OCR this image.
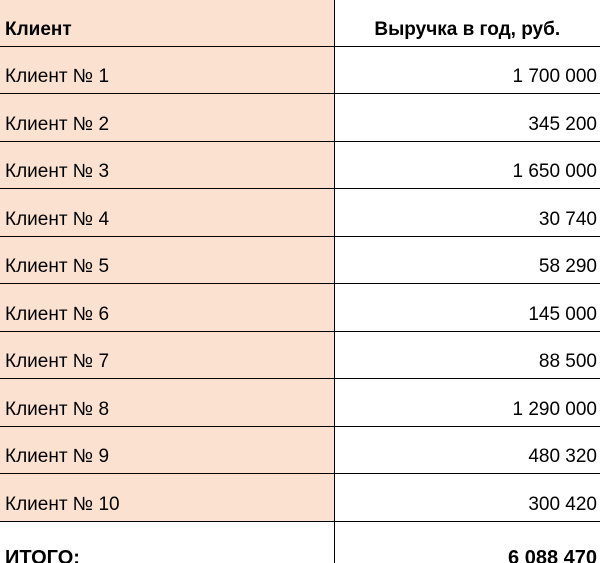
Клиент	Выручка в год, руб.
Клиент № 1	1 700 000
Клиент № 2	345 200
Клиент № 3	1 650 000
Клиент № 4	30 740
Клиент № 5	58 290
Клиент № 6	145 000
Клиент № 7	88 500
Клиент № 8	1 290 000
Клиент № 9	480 320
Клиент № 10	300 420
ИТОГО:	6 088 470
